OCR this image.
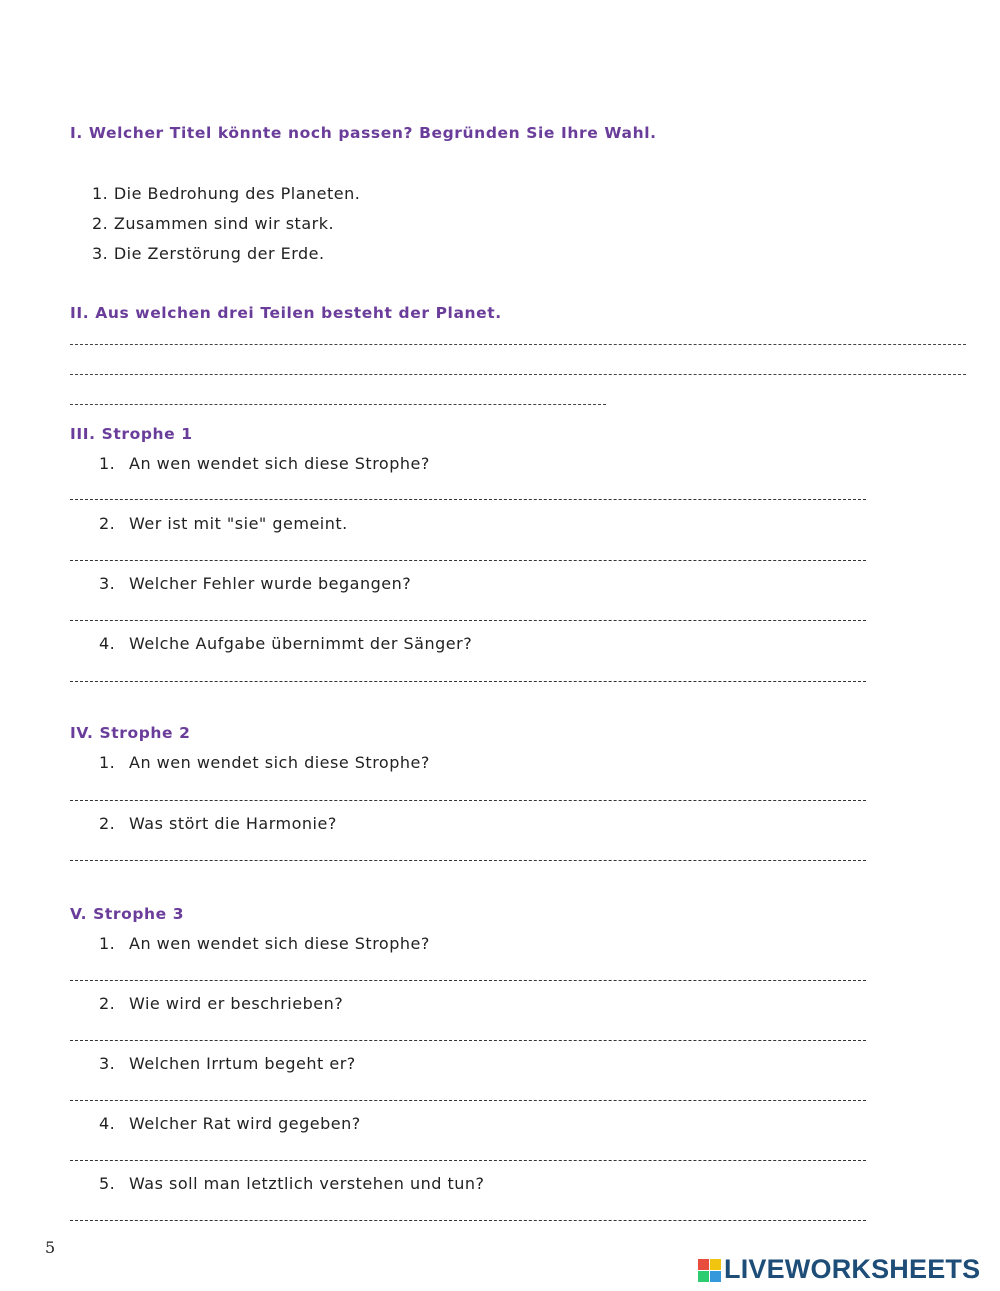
I. Welcher Titel könnte noch passen? Begründen Sie Ihre Wahl.
1. Die Bedrohung des Planeten.
2. Zusammen sind wir stark.
3. Die Zerstörung der Erde.
II. Aus welchen drei Teilen besteht der Planet.
III. Strophe 1
1. An wen wendet sich diese Strophe?
2. Wer ist mit "sie" gemeint.
3. Welcher Fehler wurde begangen?
4. Welche Aufgabe übernimmt der Sänger?
IV. Strophe 2
1. An wen wendet sich diese Strophe?
2. Was stört die Harmonie?
V. Strophe 3
1. An wen wendet sich diese Strophe?
2. Wie wird er beschrieben?
3. Welchen Irrtum begeht er?
4. Welcher Rat wird gegeben?
5. Was soll man letztlich verstehen und tun?
5
LIVEWORKSHEETS
